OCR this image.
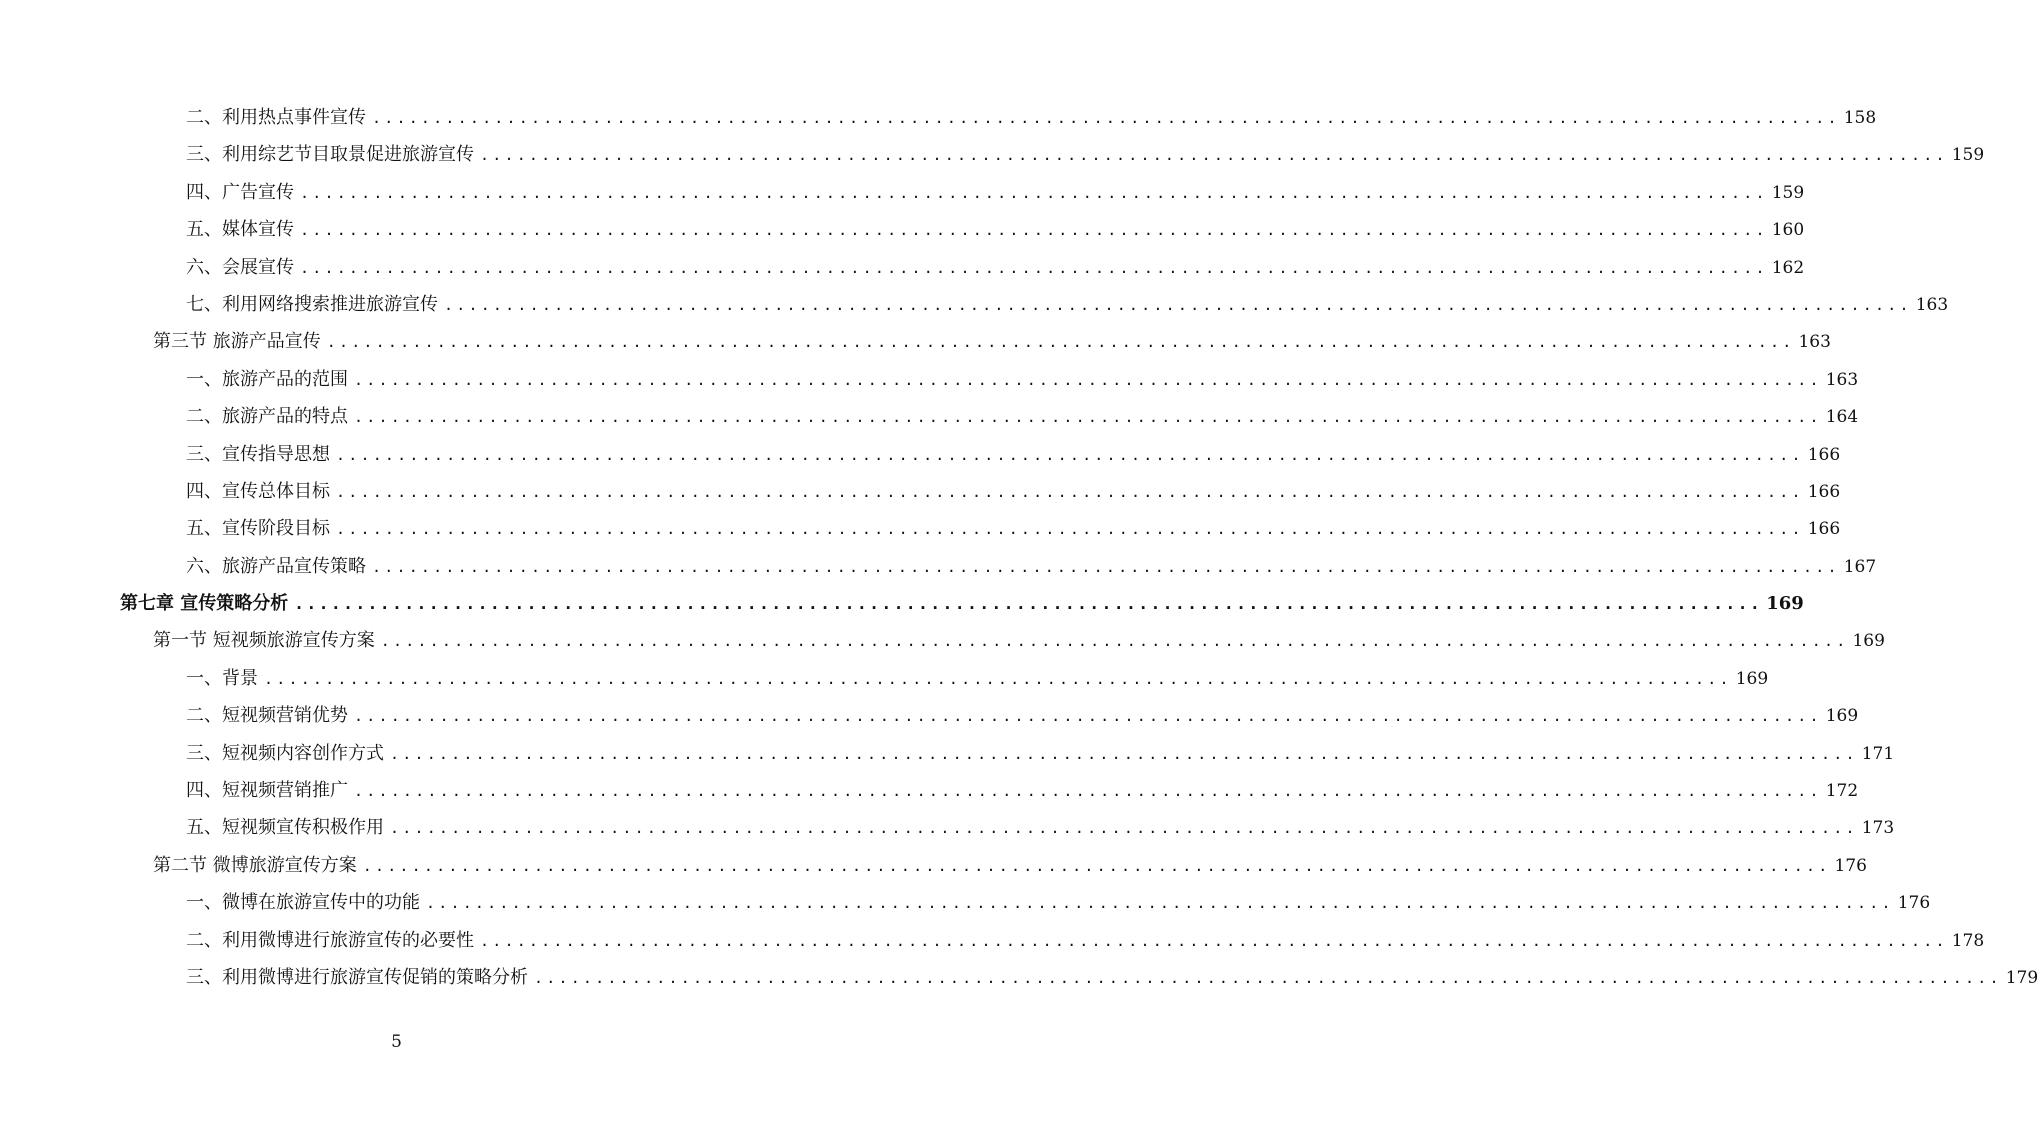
二、利用热点事件宣传 ........................................................................................................................ 158
三、利用综艺节目取景促进旅游宣传 ........................................................................................................................ 159
四、广告宣传 ........................................................................................................................ 159
五、媒体宣传 ........................................................................................................................ 160
六、会展宣传 ........................................................................................................................ 162
七、利用网络搜索推进旅游宣传 ........................................................................................................................ 163
第三节 旅游产品宣传 ........................................................................................................................ 163
一、旅游产品的范围 ........................................................................................................................ 163
二、旅游产品的特点 ........................................................................................................................ 164
三、宣传指导思想 ........................................................................................................................ 166
四、宣传总体目标 ........................................................................................................................ 166
五、宣传阶段目标 ........................................................................................................................ 166
六、旅游产品宣传策略 ........................................................................................................................ 167
第七章 宣传策略分析 ........................................................................................................................ 169
第一节 短视频旅游宣传方案 ........................................................................................................................ 169
一、背景 ........................................................................................................................ 169
二、短视频营销优势 ........................................................................................................................ 169
三、短视频内容创作方式 ........................................................................................................................ 171
四、短视频营销推广 ........................................................................................................................ 172
五、短视频宣传积极作用 ........................................................................................................................ 173
第二节 微博旅游宣传方案 ........................................................................................................................ 176
一、微博在旅游宣传中的功能 ........................................................................................................................ 176
二、利用微博进行旅游宣传的必要性 ........................................................................................................................ 178
三、利用微博进行旅游宣传促销的策略分析 ........................................................................................................................ 179
5
